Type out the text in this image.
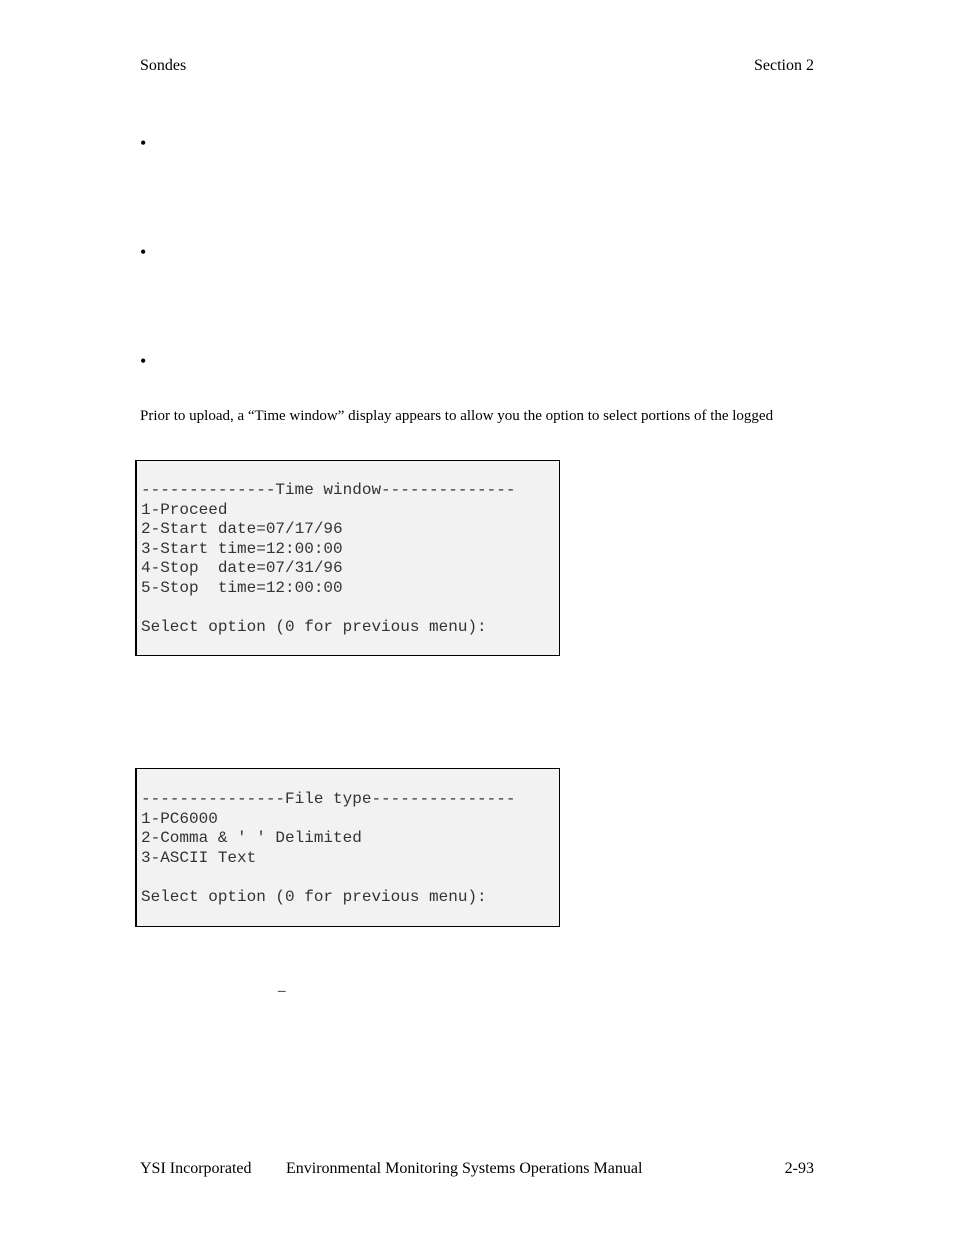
Sondes	Section 2
•
•
•
Prior to upload, a “Time window” display appears to allow you the option to select portions of the logged
--------------Time window--------------
1-Proceed
2-Start date=07/17/96
3-Start time=12:00:00
4-Stop  date=07/31/96
5-Stop  time=12:00:00
Select option (0 for previous menu):
---------------File type---------------
1-PC6000
2-Comma & ' ' Delimited
3-ASCII Text
Select option (0 for previous menu):
_
YSI Incorporated Environmental Monitoring Systems Operations Manual	2-93
